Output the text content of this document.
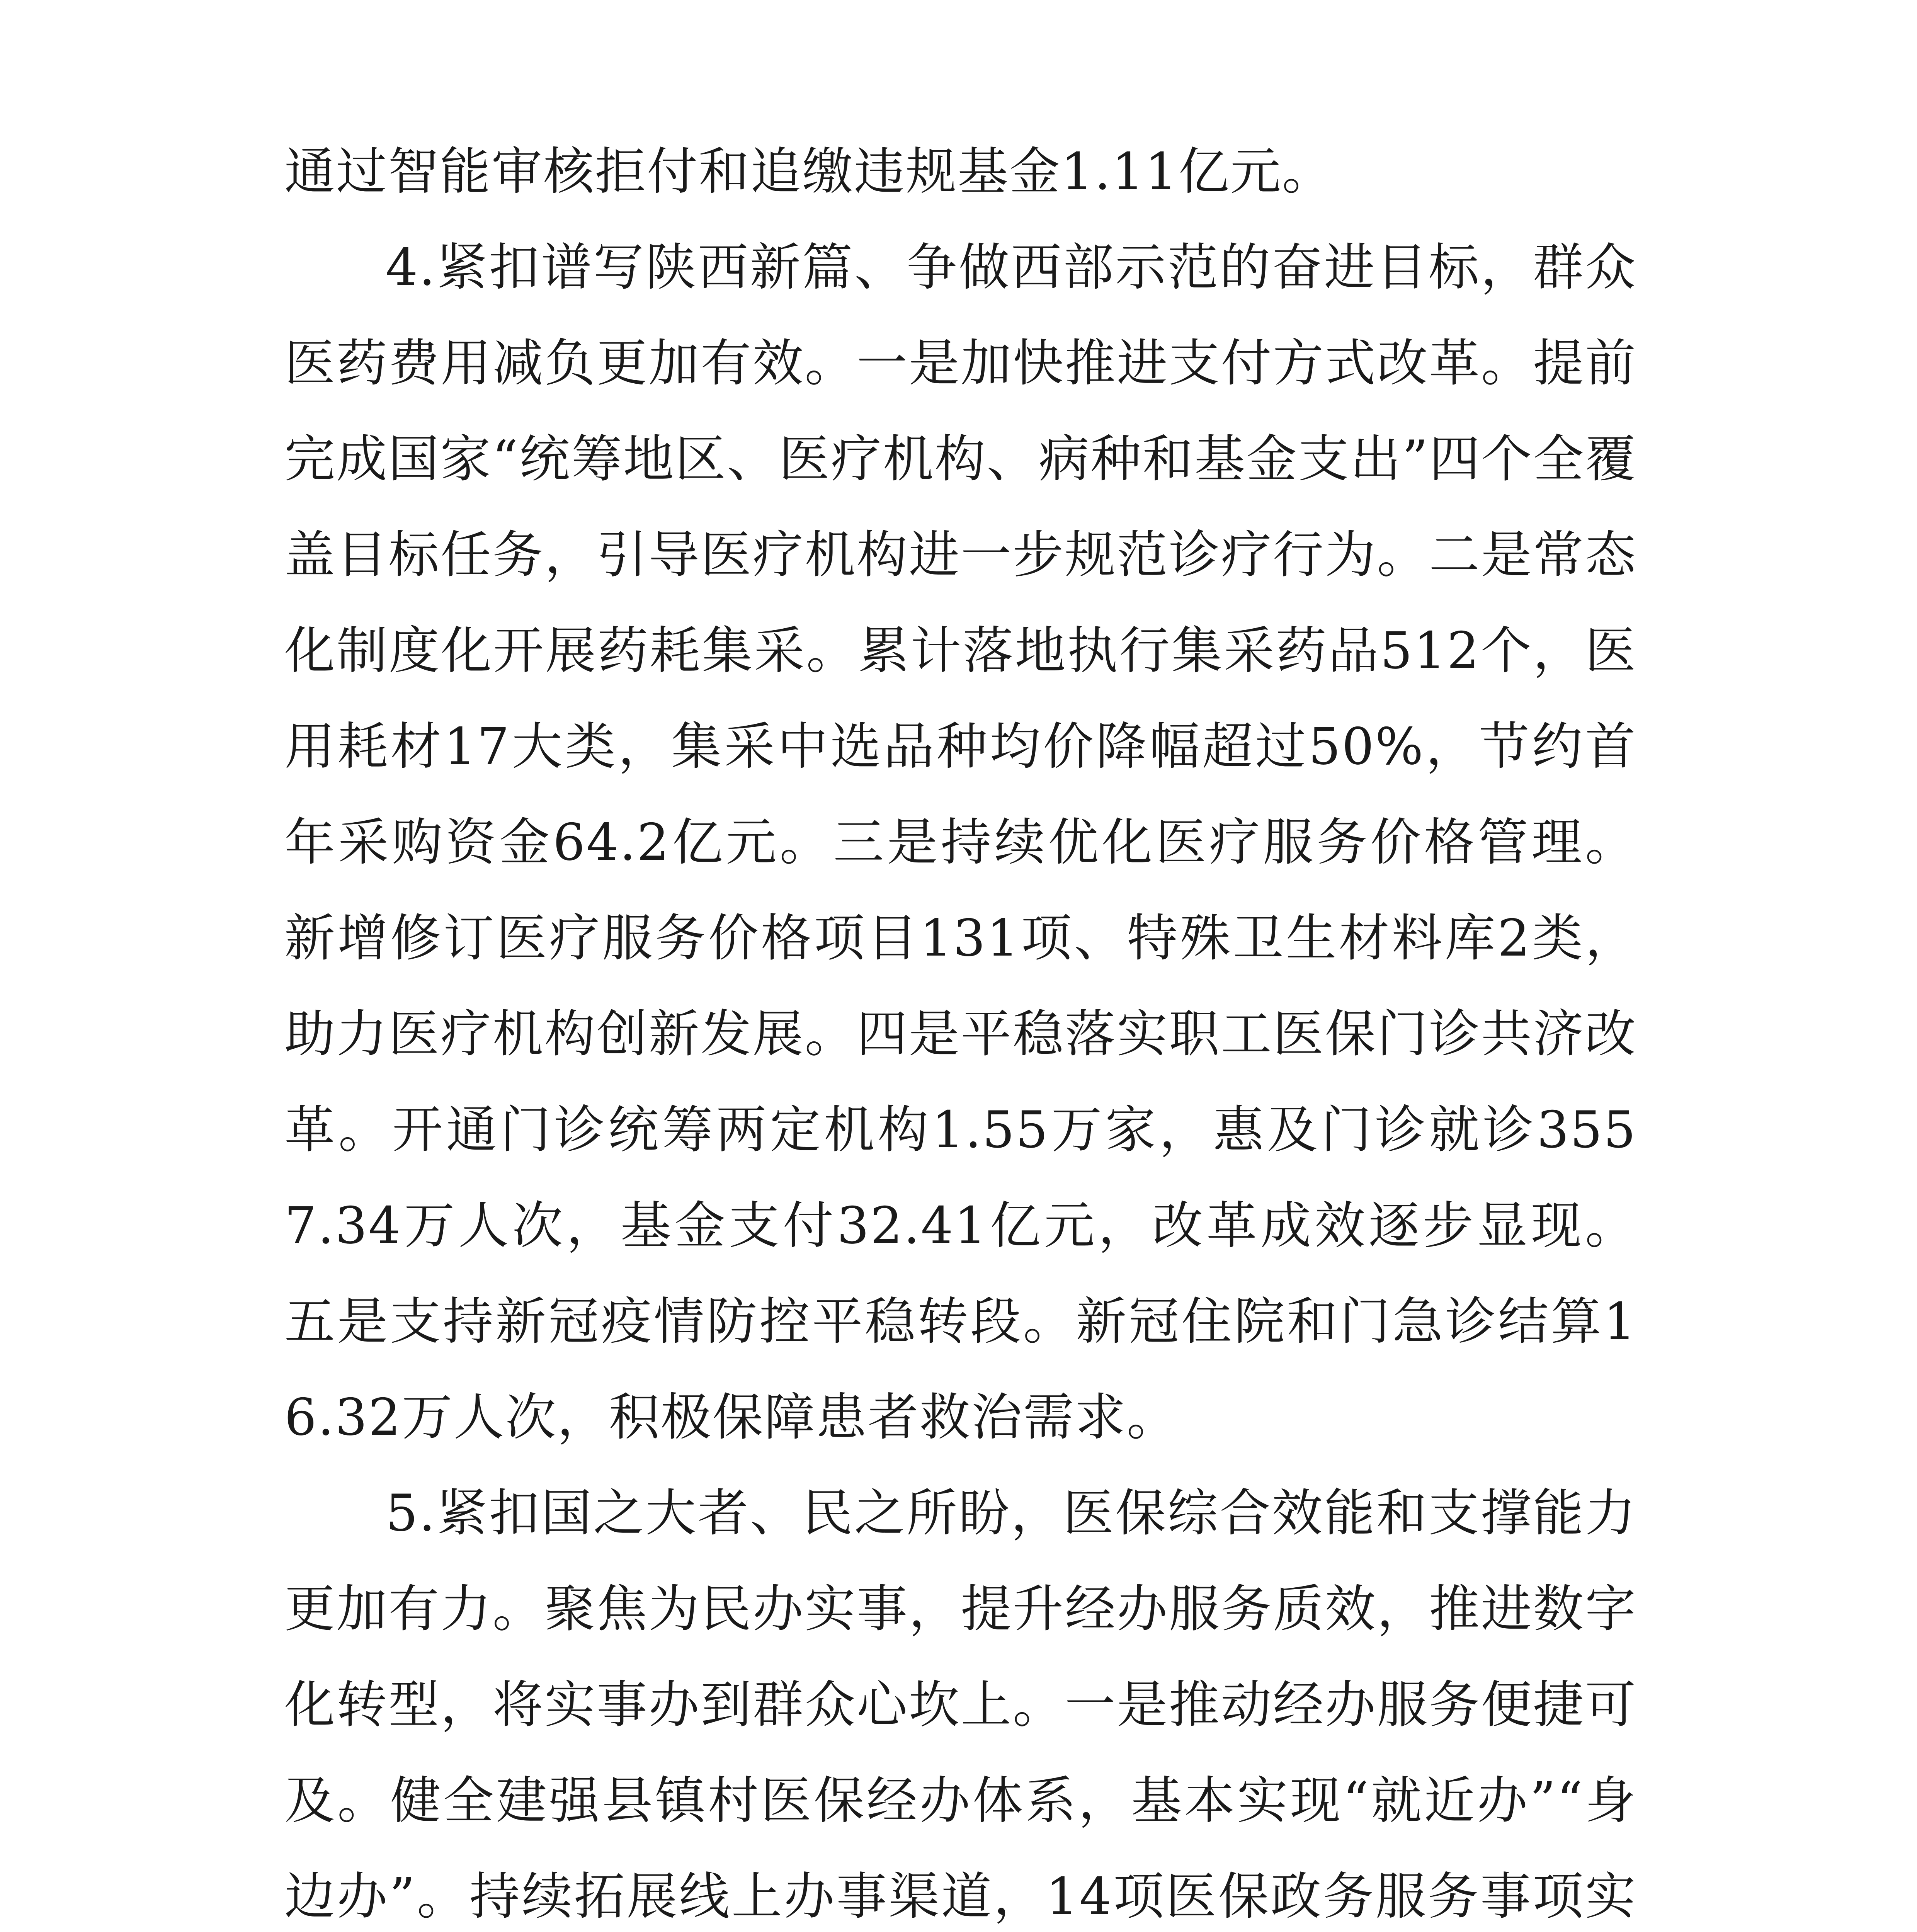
通过智能审核拒付和追缴违规基金1.11亿元。

4.紧扣谱写陕西新篇、争做西部示范的奋进目标，群众医药费用减负更加有效。一是加快推进支付方式改革。提前完成国家“统筹地区、医疗机构、病种和基金支出”四个全覆盖目标任务，引导医疗机构进一步规范诊疗行为。二是常态化制度化开展药耗集采。累计落地执行集采药品512个，医用耗材17大类，集采中选品种均价降幅超过50%，节约首年采购资金64.2亿元。三是持续优化医疗服务价格管理。新增修订医疗服务价格项目131项、特殊卫生材料库2类，助力医疗机构创新发展。四是平稳落实职工医保门诊共济改革。开通门诊统筹两定机构1.55万家，惠及门诊就诊3557.34万人次，基金支付32.41亿元，改革成效逐步显现。五是支持新冠疫情防控平稳转段。新冠住院和门急诊结算16.32万人次，积极保障患者救治需求。

5.紧扣国之大者、民之所盼，医保综合效能和支撑能力更加有力。聚焦为民办实事，提升经办服务质效，推进数字化转型，将实事办到群众心坎上。一是推动经办服务便捷可及。健全建强县镇村医保经办体系，基本实现“就近办”“身边办”。持续拓展线上办事渠道，14项医保政务服务事项实
